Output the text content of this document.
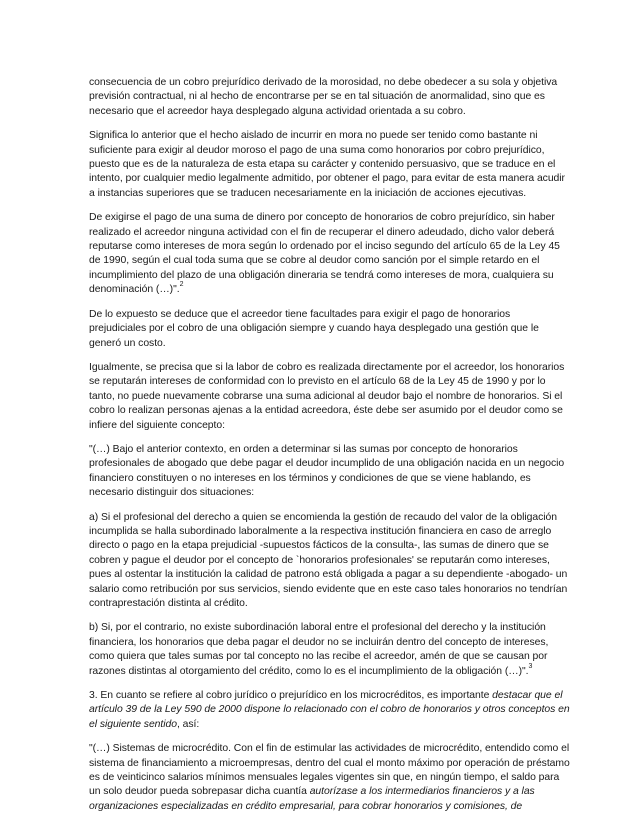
consecuencia de un cobro prejurídico derivado de la morosidad, no debe obedecer a su sola y objetiva
previsión contractual, ni al hecho de encontrarse per se en tal situación de anormalidad, sino que es
necesario que el acreedor haya desplegado alguna actividad orientada a su cobro.

Significa lo anterior que el hecho aislado de incurrir en mora no puede ser tenido como bastante ni
suficiente para exigir al deudor moroso el pago de una suma como honorarios por cobro prejurídico,
puesto que es de la naturaleza de esta etapa su carácter y contenido persuasivo, que se traduce en el
intento, por cualquier medio legalmente admitido, por obtener el pago, para evitar de esta manera acudir
a instancias superiores que se traducen necesariamente en la iniciación de acciones ejecutivas.

De exigirse el pago de una suma de dinero por concepto de honorarios de cobro prejurídico, sin haber
realizado el acreedor ninguna actividad con el fin de recuperar el dinero adeudado, dicho valor deberá
reputarse como intereses de mora según lo ordenado por el inciso segundo del artículo 65 de la Ley 45
de 1990, según el cual toda suma que se cobre al deudor como sanción por el simple retardo en el
incumplimiento del plazo de una obligación dineraria se tendrá como intereses de mora, cualquiera su
denominación (…)".$^2$

De lo expuesto se deduce que el acreedor tiene facultades para exigir el pago de honorarios
prejudiciales por el cobro de una obligación siempre y cuando haya desplegado una gestión que le
generó un costo.

Igualmente, se precisa que si la labor de cobro es realizada directamente por el acreedor, los honorarios
se reputarán intereses de conformidad con lo previsto en el artículo 68 de la Ley 45 de 1990 y por lo
tanto, no puede nuevamente cobrarse una suma adicional al deudor bajo el nombre de honorarios. Si el
cobro lo realizan personas ajenas a la entidad acreedora, éste debe ser asumido por el deudor como se
infiere del siguiente concepto:

"(…) Bajo el anterior contexto, en orden a determinar si las sumas por concepto de honorarios
profesionales de abogado que debe pagar el deudor incumplido de una obligación nacida en un negocio
financiero constituyen o no intereses en los términos y condiciones de que se viene hablando, es
necesario distinguir dos situaciones:

a) Si el profesional del derecho a quien se encomienda la gestión de recaudo del valor de la obligación
incumplida se halla subordinado laboralmente a la respectiva institución financiera en caso de arreglo
directo o pago en la etapa prejudicial -supuestos fácticos de la consulta-, las sumas de dinero que se
cobren y pague el deudor por el concepto de `honorarios profesionales' se reputarán como intereses,
pues al ostentar la institución la calidad de patrono está obligada a pagar a su dependiente -abogado- un
salario como retribución por sus servicios, siendo evidente que en este caso tales honorarios no tendrían
contraprestación distinta al crédito.

b) Si, por el contrario, no existe subordinación laboral entre el profesional del derecho y la institución
financiera, los honorarios que deba pagar el deudor no se incluirán dentro del concepto de intereses,
como quiera que tales sumas por tal concepto no las recibe el acreedor, amén de que se causan por
razones distintas al otorgamiento del crédito, como lo es el incumplimiento de la obligación (…)".$^3$

3. En cuanto se refiere al cobro jurídico o prejurídico en los microcréditos, es importante destacar que el
artículo 39 de la Ley 590 de 2000 dispone lo relacionado con el cobro de honorarios y otros conceptos en
el siguiente sentido, así:

"(…) Sistemas de microcrédito. Con el fin de estimular las actividades de microcrédito, entendido como el
sistema de financiamiento a microempresas, dentro del cual el monto máximo por operación de préstamo
es de veinticinco salarios mínimos mensuales legales vigentes sin que, en ningún tiempo, el saldo para
un solo deudor pueda sobrepasar dicha cuantía autorízase a los intermediarios financieros y a las
organizaciones especializadas en crédito empresarial, para cobrar honorarios y comisiones, de
